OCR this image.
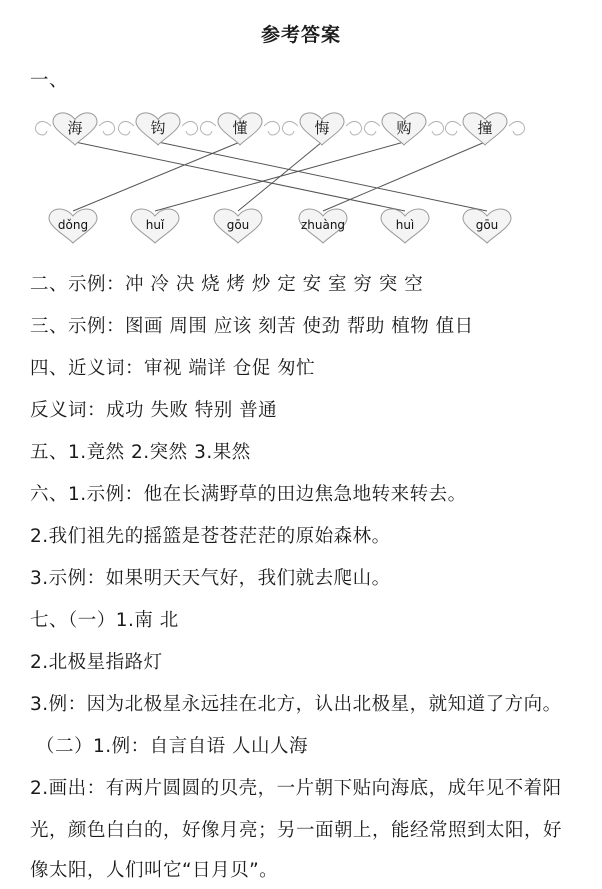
参考答案
一、
海	钩	懂	悔	购	撞
dǒng	huǐ	gōu	zhuàng	huì	gōu
二、示例：冲 冷 决 烧 烤 炒 定 安 室 穷 突 空
三、示例：图画 周围 应该 刻苦 使劲 帮助 植物 值日
四、近义词：审视 端详 仓促 匆忙
反义词：成功 失败 特别 普通
五、1.竟然 2.突然 3.果然
六、1.示例：他在长满野草的田边焦急地转来转去。
2.我们祖先的摇篮是苍苍茫茫的原始森林。
3.示例：如果明天天气好，我们就去爬山。
七、（一）1.南 北
2.北极星指路灯
3.例：因为北极星永远挂在北方，认出北极星，就知道了方向。
（二）1.例：自言自语 人山人海
2.画出：有两片圆圆的贝壳，一片朝下贴向海底，成年见不着阳
光，颜色白白的，好像月亮；另一面朝上，能经常照到太阳，好
像太阳，人们叫它“日月贝”。
